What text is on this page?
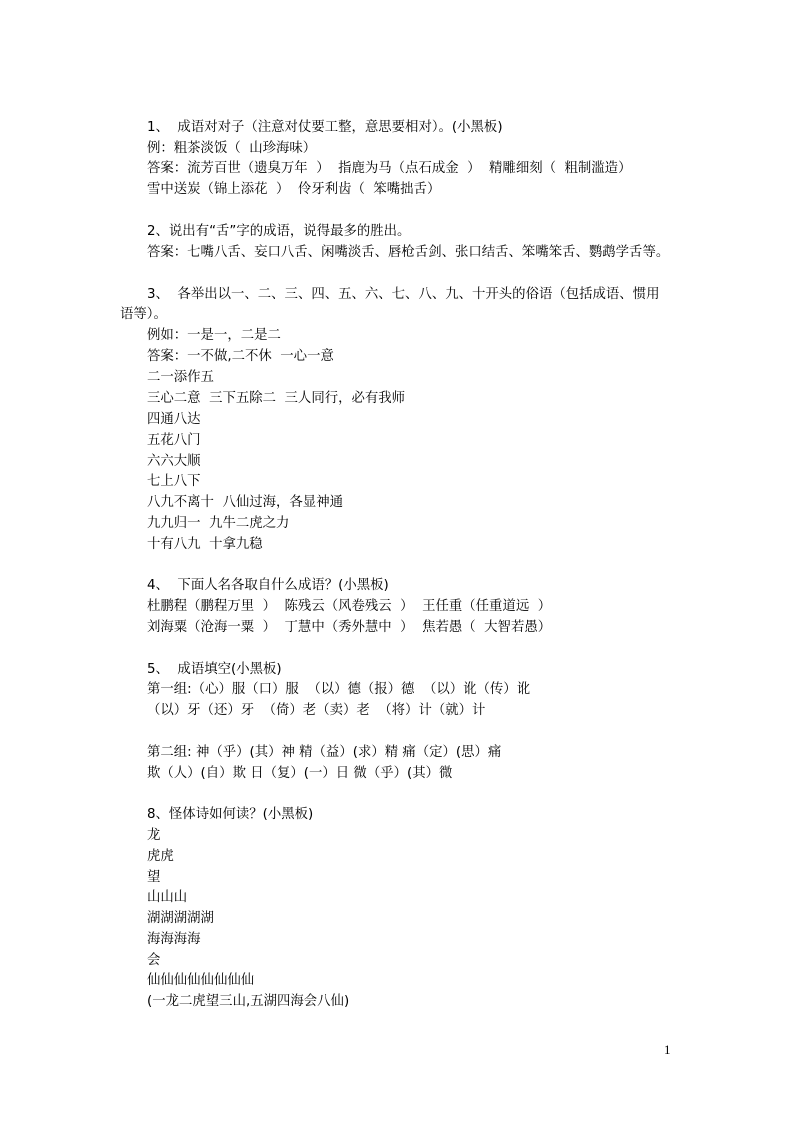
1、  成语对对子（注意对仗要工整，意思要相对）。(小黑板)
例：粗茶淡饭（  山珍海味）
答案：流芳百世（遗臭万年  ）  指鹿为马（点石成金  ）  精雕细刻（  粗制滥造）
雪中送炭（锦上添花  ）  伶牙利齿（  笨嘴拙舌）
2、说出有“舌”字的成语，说得最多的胜出。
答案：七嘴八舌、妄口八舌、闲嘴淡舌、唇枪舌剑、张口结舌、笨嘴笨舌、鹦鹉学舌等。
3、  各举出以一、二、三、四、五、六、七、八、九、十开头的俗语（包括成语、惯用
语等）。
例如：一是一，二是二
答案：一不做,二不休  一心一意
二一添作五
三心二意  三下五除二  三人同行，必有我师
四通八达
五花八门
六六大顺
七上八下
八九不离十  八仙过海，各显神通
九九归一  九牛二虎之力
十有八九  十拿九稳
4、  下面人名各取自什么成语？(小黑板)
杜鹏程（鹏程万里  ）  陈残云（风卷残云  ）  王任重（任重道远  ）
刘海粟（沧海一粟  ）  丁慧中（秀外慧中  ）  焦若愚（  大智若愚）
5、  成语填空(小黑板)
第一组:（心）服（口）服  （以）德（报）德  （以）讹（传）讹
（以）牙（还）牙  （倚）老（卖）老  （将）计（就）计
第二组: 神（乎）(其）神 精（益）(求）精 痛（定）(思）痛
欺（人）(自）欺 日（复）(一）日 微（乎）(其）微
8、怪体诗如何读？(小黑板)
龙
虎虎
望
山山山
湖湖湖湖湖
海海海海
会
仙仙仙仙仙仙仙仙
(一龙二虎望三山,五湖四海会八仙)
1
